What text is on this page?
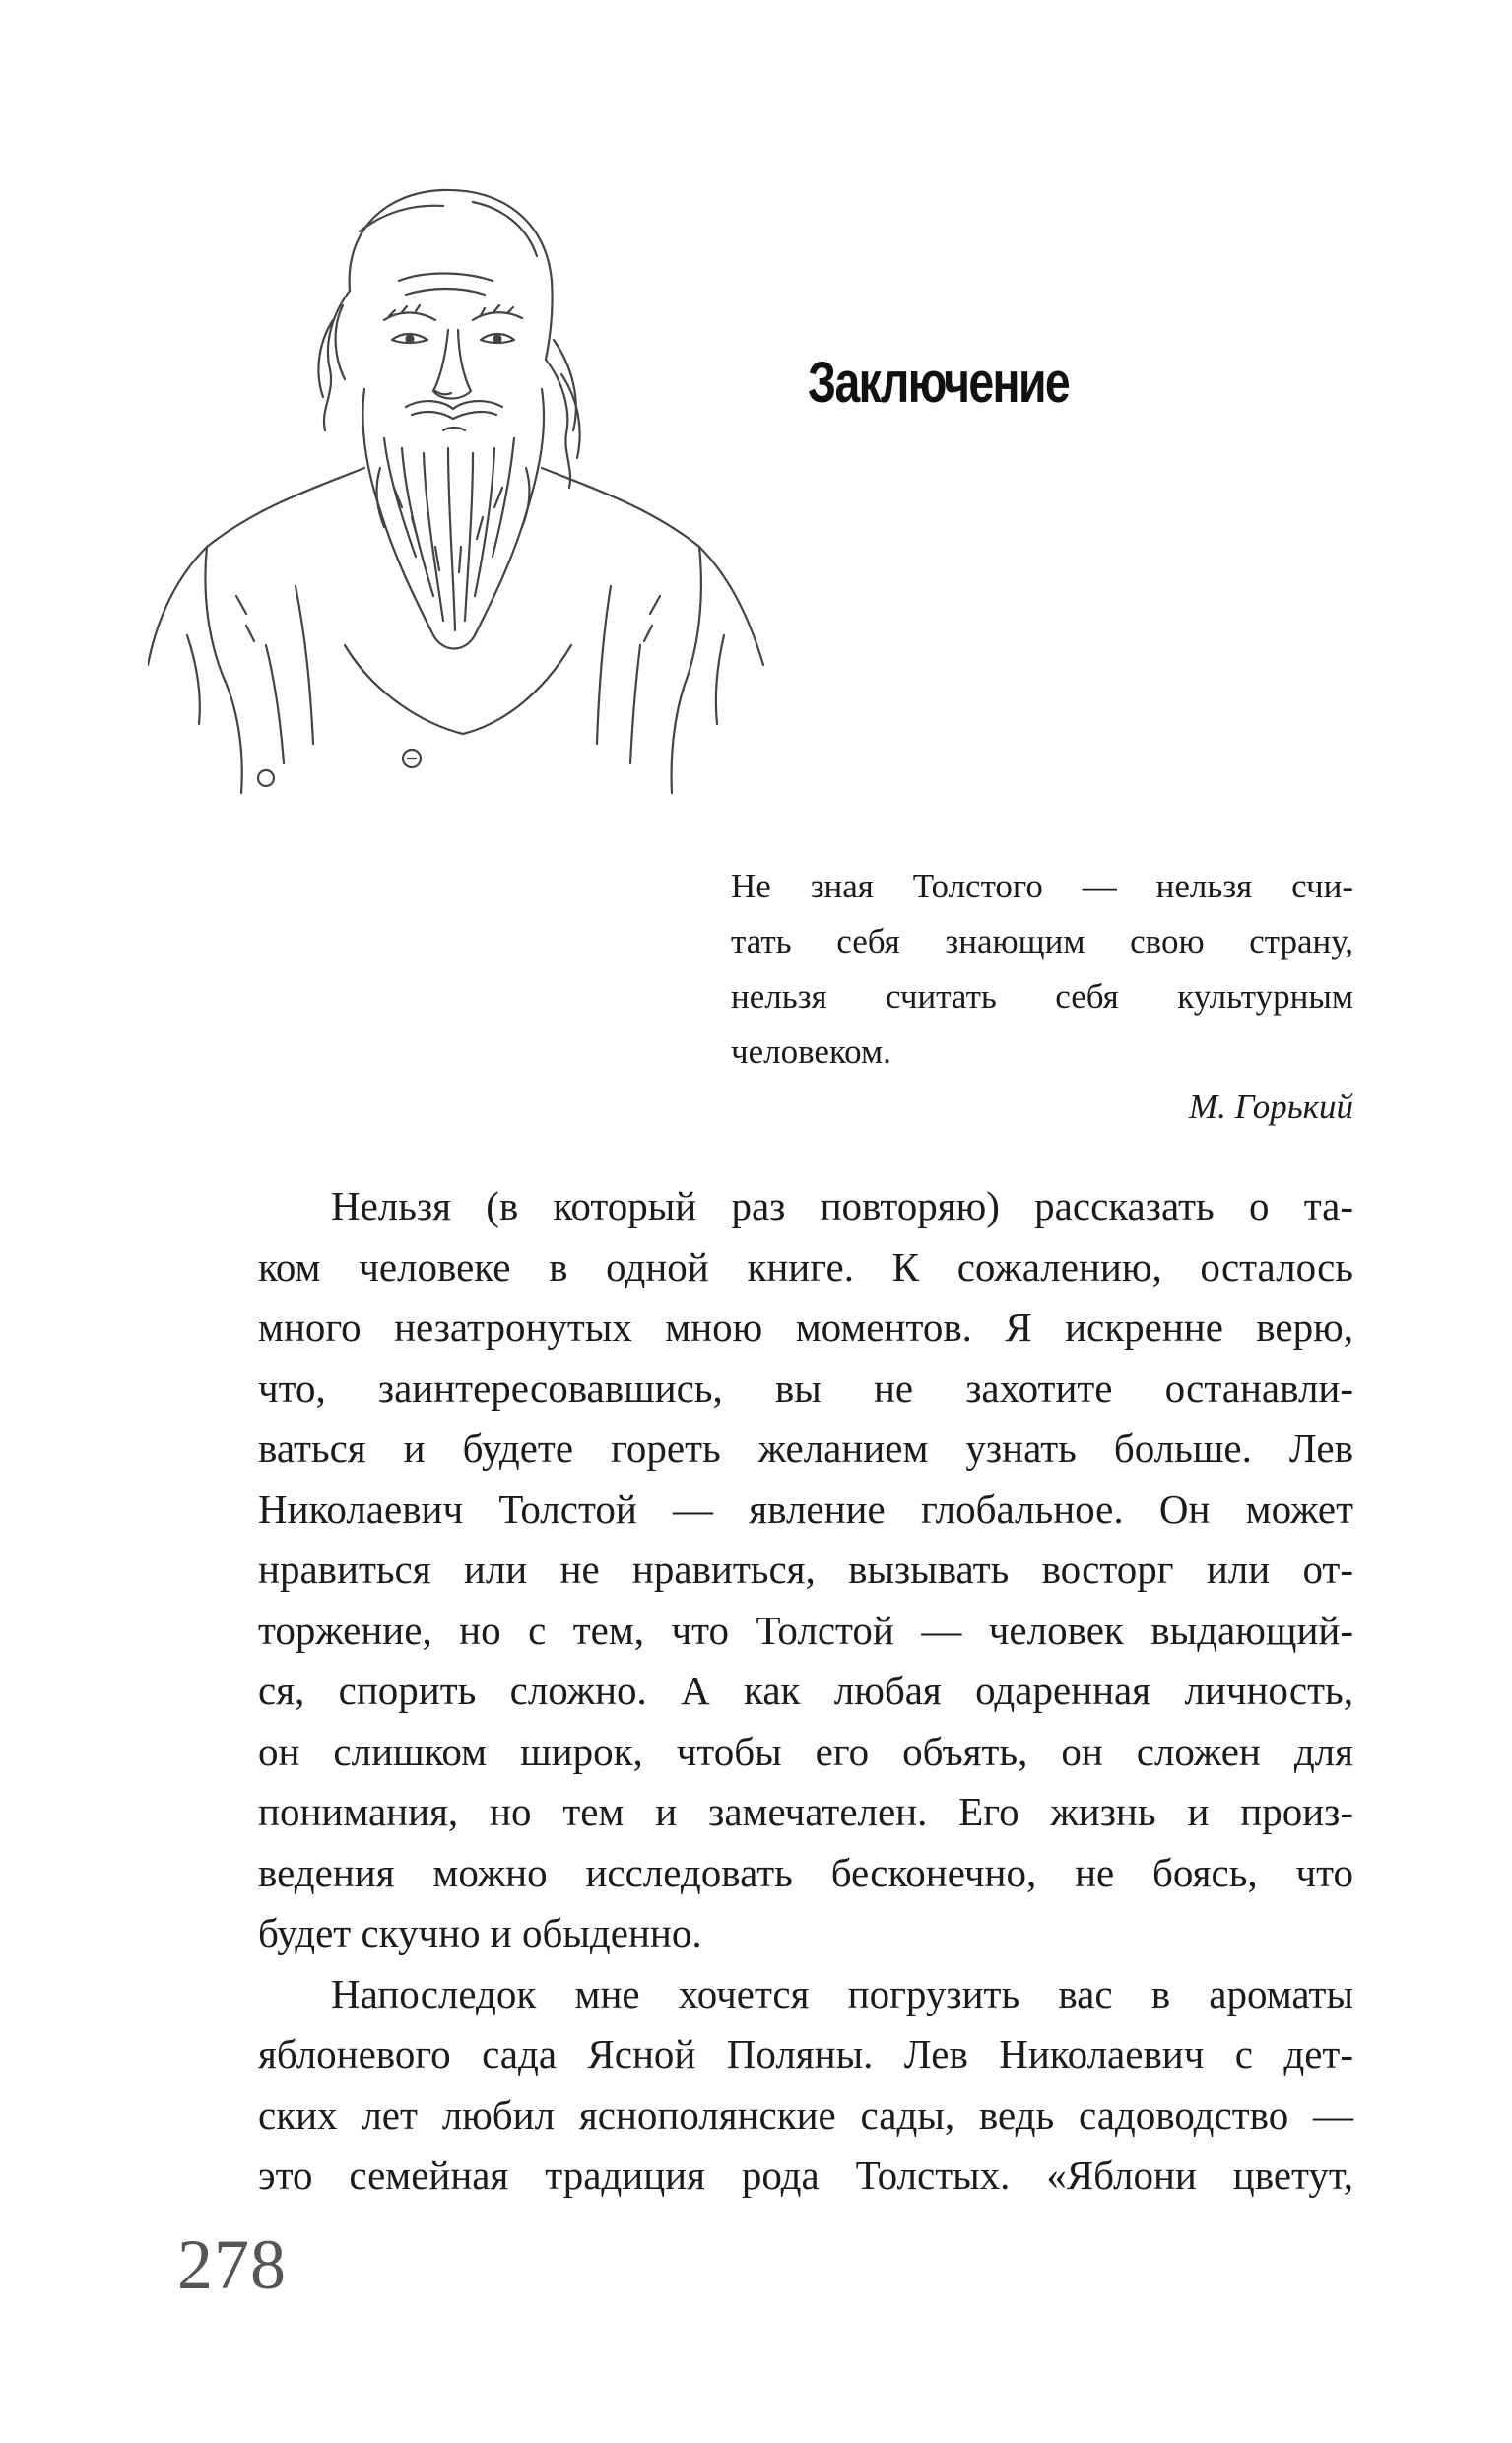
Заключение
Не зная Толстого — нельзя счи-
тать себя знающим свою страну,
нельзя считать себя культурным
человеком.
М. Горький
Нельзя (в который раз повторяю) рассказать о та-
ком человеке в одной книге. К сожалению, осталось
много незатронутых мною моментов. Я искренне верю,
что, заинтересовавшись, вы не захотите останавли-
ваться и будете гореть желанием узнать больше. Лев
Николаевич Толстой — явление глобальное. Он может
нравиться или не нравиться, вызывать восторг или от-
торжение, но с тем, что Толстой — человек выдающий-
ся, спорить сложно. А как любая одаренная личность,
он слишком широк, чтобы его объять, он сложен для
понимания, но тем и замечателен. Его жизнь и произ-
ведения можно исследовать бесконечно, не боясь, что
будет скучно и обыденно.
Напоследок мне хочется погрузить вас в ароматы
яблоневого сада Ясной Поляны. Лев Николаевич с дет-
ских лет любил яснополянские сады, ведь садоводство —
это семейная традиция рода Толстых. «Яблони цветут,
278
